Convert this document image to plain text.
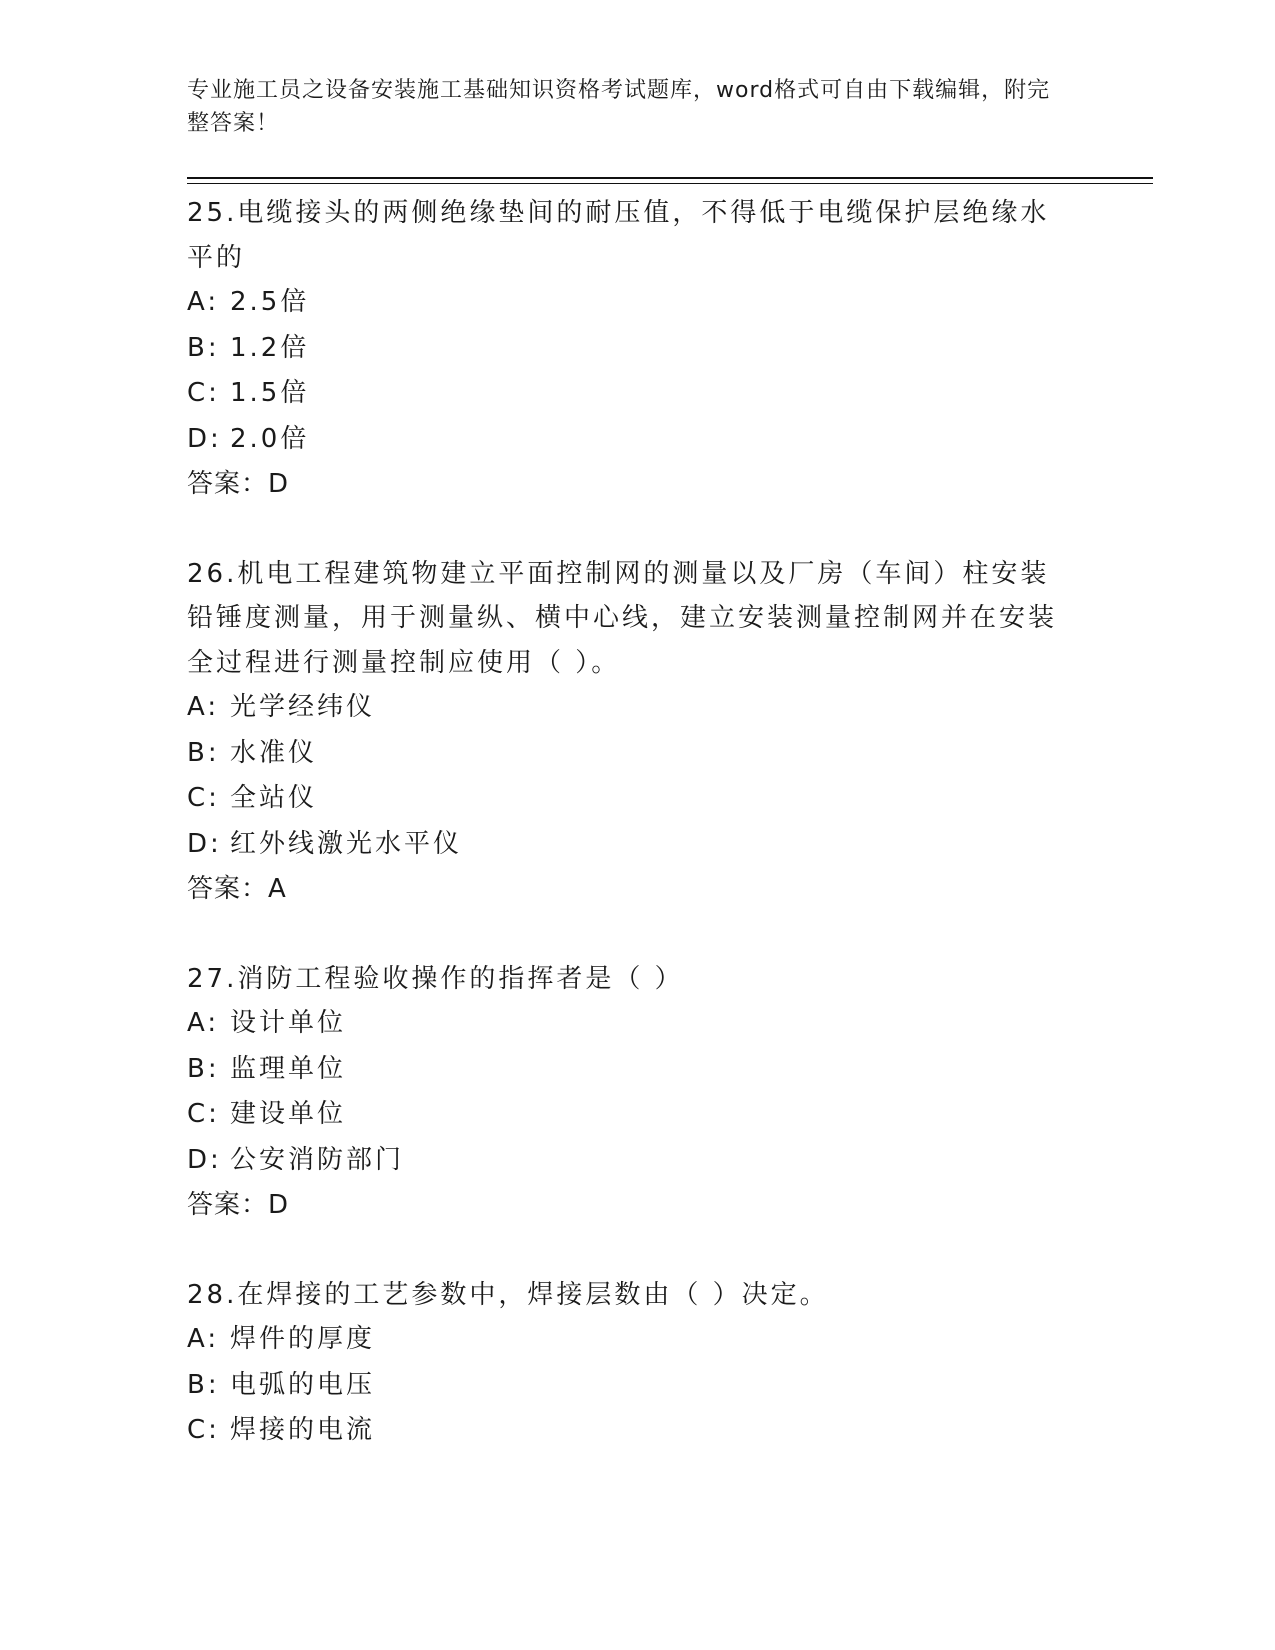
专业施工员之设备安装施工基础知识资格考试题库，word格式可自由下载编辑，附完整答案！
25.电缆接头的两侧绝缘垫间的耐压值，不得低于电缆保护层绝缘水平的
A: 2.5倍
B: 1.2倍
C: 1.5倍
D: 2.0倍
答案：D
26.机电工程建筑物建立平面控制网的测量以及厂房（车间）柱安装铅锤度测量，用于测量纵、横中心线，建立安装测量控制网并在安装全过程进行测量控制应使用（ ）。
A: 光学经纬仪
B: 水准仪
C: 全站仪
D: 红外线激光水平仪
答案：A
27.消防工程验收操作的指挥者是（ ）
A: 设计单位
B: 监理单位
C: 建设单位
D: 公安消防部门
答案：D
28.在焊接的工艺参数中，焊接层数由（ ）决定。
A: 焊件的厚度
B: 电弧的电压
C: 焊接的电流
